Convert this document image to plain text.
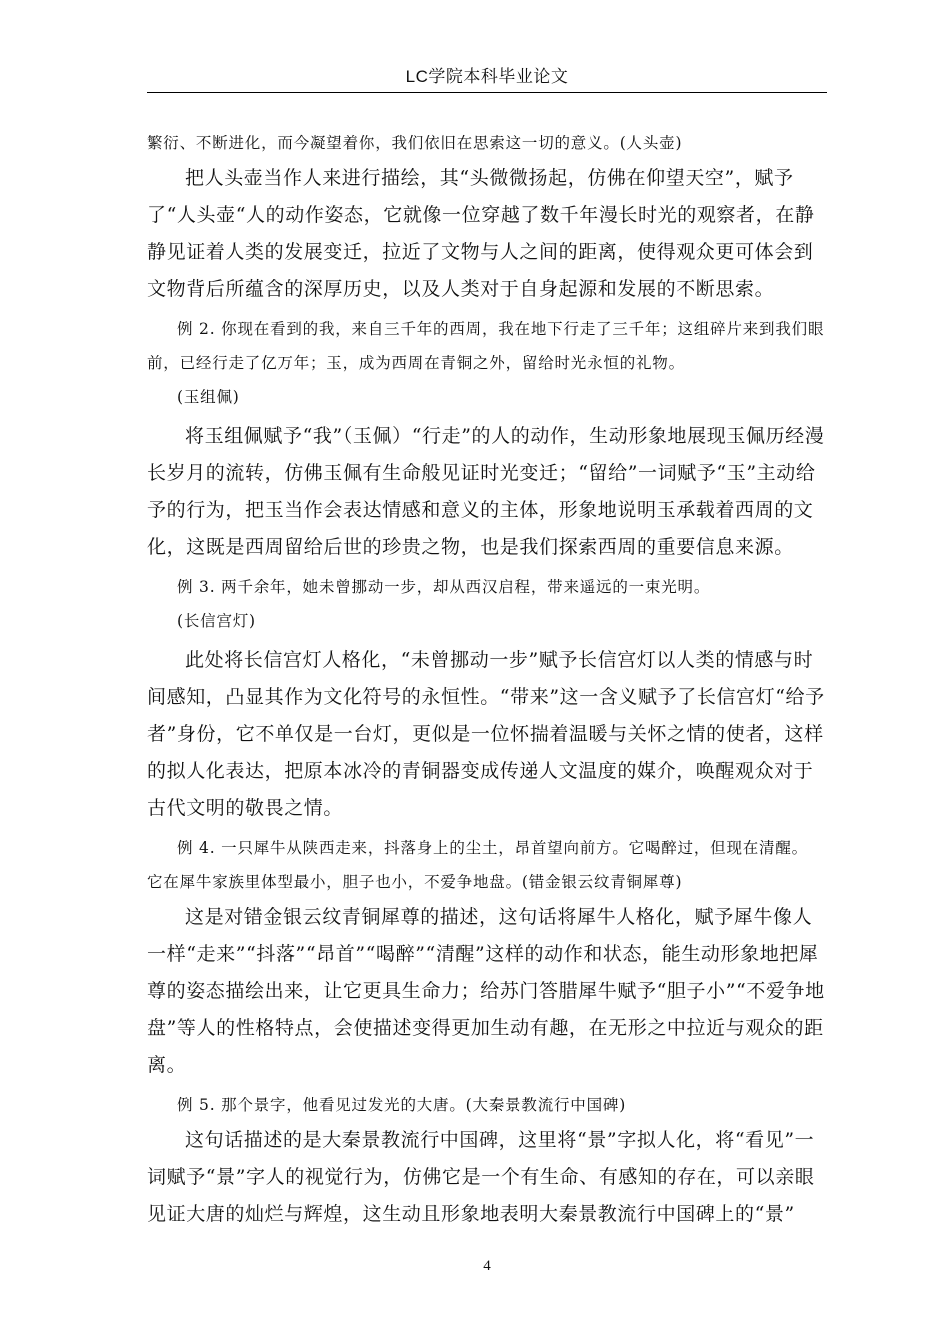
LC学院本科毕业论文

繁衍、不断进化，而今凝望着你，我们依旧在思索这一切的意义。(人头壶)

把人头壶当作人来进行描绘，其“头微微扬起，仿佛在仰望天空”，赋予了“人头壶“人的动作姿态，它就像一位穿越了数千年漫长时光的观察者，在静静见证着人类的发展变迁，拉近了文物与人之间的距离，使得观众更可体会到文物背后所蕴含的深厚历史，以及人类对于自身起源和发展的不断思索。

例 2. 你现在看到的我，来自三千年的西周，我在地下行走了三千年；这组碎片来到我们眼前，已经行走了亿万年；玉，成为西周在青铜之外，留给时光永恒的礼物。

(玉组佩)

将玉组佩赋予“我”（玉佩）“行走”的人的动作，生动形象地展现玉佩历经漫长岁月的流转，仿佛玉佩有生命般见证时光变迁；“留给”一词赋予“玉”主动给予的行为，把玉当作会表达情感和意义的主体，形象地说明玉承载着西周的文化，这既是西周留给后世的珍贵之物，也是我们探索西周的重要信息来源。

例 3. 两千余年，她未曾挪动一步，却从西汉启程，带来遥远的一束光明。

(长信宫灯)

此处将长信宫灯人格化，“未曾挪动一步”赋予长信宫灯以人类的情感与时间感知，凸显其作为文化符号的永恒性。“带来”这一含义赋予了长信宫灯“给予者”身份，它不单仅是一台灯，更似是一位怀揣着温暖与关怀之情的使者，这样的拟人化表达，把原本冰冷的青铜器变成传递人文温度的媒介，唤醒观众对于古代文明的敬畏之情。

例 4. 一只犀牛从陕西走来，抖落身上的尘土，昂首望向前方。它喝醉过，但现在清醒。 它在犀牛家族里体型最小，胆子也小，不爱争地盘。(错金银云纹青铜犀尊)

这是对错金银云纹青铜犀尊的描述，这句话将犀牛人格化，赋予犀牛像人一样“走来”“抖落”“昂首”“喝醉”“清醒”这样的动作和状态，能生动形象地把犀尊的姿态描绘出来，让它更具生命力；给苏门答腊犀牛赋予“胆子小”“不爱争地盘”等人的性格特点，会使描述变得更加生动有趣，在无形之中拉近与观众的距离。

例 5. 那个景字，他看见过发光的大唐。(大秦景教流行中国碑)

这句话描述的是大秦景教流行中国碑，这里将“景”字拟人化，将“看见”一词赋予“景”字人的视觉行为，仿佛它是一个有生命、有感知的存在，可以亲眼见证大唐的灿烂与辉煌，这生动且形象地表明大秦景教流行中国碑上的“景”

4
